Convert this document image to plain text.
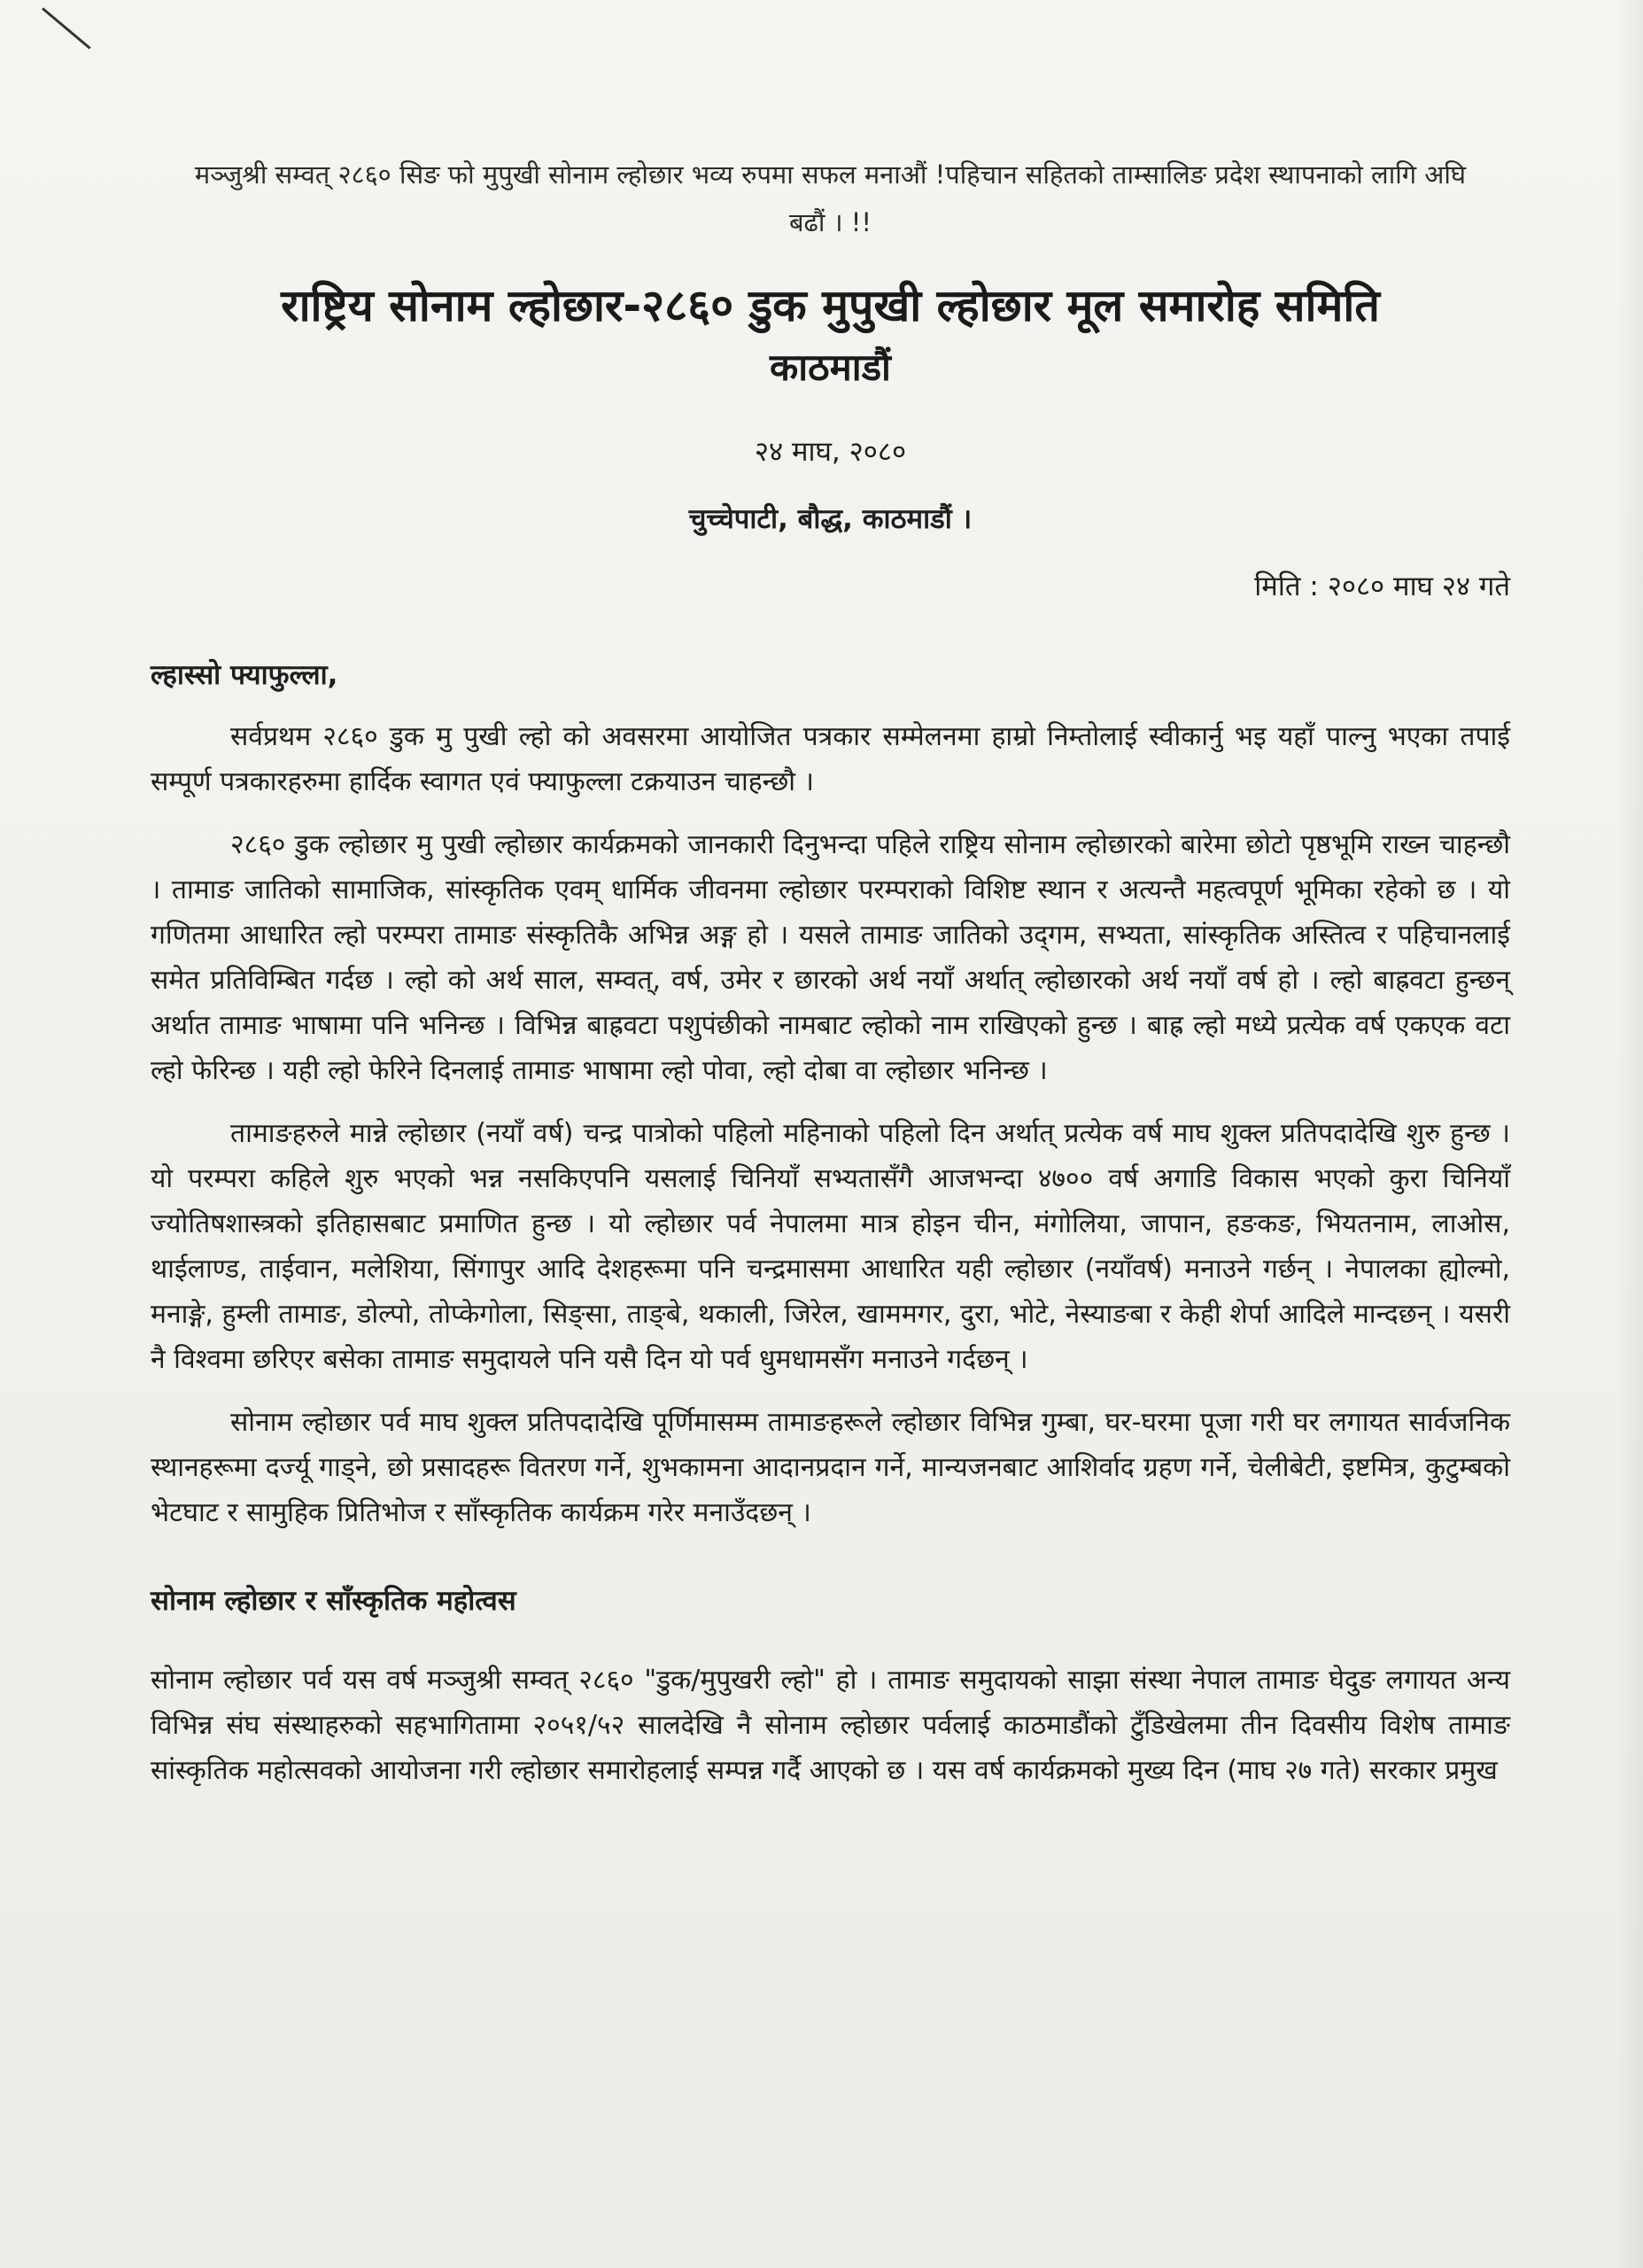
मञ्जुश्री सम्वत् २८६० सिङ फो मुपुखी सोनाम ल्होछार भव्य रुपमा सफल मनाऔं !पहिचान सहितको ताम्सालिङ प्रदेश स्थापनाको लागि अघि बढौं । !!
राष्ट्रिय सोनाम ल्होछार-२८६० डुक मुपुखी ल्होछार मूल समारोह समिति
काठमाडौं
२४ माघ, २०८०
चुच्चेपाटी, बौद्ध, काठमाडौं ।
मिति : २०८० माघ २४ गते
ल्हास्सो फ्याफुल्ला,

सर्वप्रथम २८६० डुक मु पुखी ल्हो को अवसरमा आयोजित पत्रकार सम्मेलनमा हाम्रो निम्तोलाई स्वीकार्नु भइ यहाँ पाल्नु भएका तपाई सम्पूर्ण पत्रकारहरुमा हार्दिक स्वागत एवं फ्याफुल्ला टक्रयाउन चाहन्छौ ।

२८६० डुक ल्होछार मु पुखी ल्होछार कार्यक्रमको जानकारी दिनुभन्दा पहिले राष्ट्रिय सोनाम ल्होछारको बारेमा छोटो पृष्ठभूमि राख्न चाहन्छौ । तामाङ जातिको सामाजिक, सांस्कृतिक एवम् धार्मिक जीवनमा ल्होछार परम्पराको विशिष्ट स्थान र अत्यन्तै महत्वपूर्ण भूमिका रहेको छ । यो गणितमा आधारित ल्हो परम्परा तामाङ संस्कृतिकै अभिन्न अङ्ग हो । यसले तामाङ जातिको उद्‌गम, सभ्यता, सांस्कृतिक अस्तित्व र पहिचानलाई समेत प्रतिविम्बित गर्दछ । ल्हो को अर्थ साल, सम्वत्, वर्ष, उमेर र छारको अर्थ नयाँ अर्थात् ल्होछारको अर्थ नयाँ वर्ष हो । ल्हो बाह्रवटा हुन्छन् अर्थात तामाङ भाषामा पनि भनिन्छ । विभिन्न बाह्रवटा पशुपंछीको नामबाट ल्होको नाम राखिएको हुन्छ । बाह्र ल्हो मध्ये प्रत्येक वर्ष एकएक वटा ल्हो फेरिन्छ । यही ल्हो फेरिने दिनलाई तामाङ भाषामा ल्हो पोवा, ल्हो दोबा वा ल्होछार भनिन्छ ।

तामाङहरुले मान्ने ल्होछार (नयाँ वर्ष) चन्द्र पात्रोको पहिलो महिनाको पहिलो दिन अर्थात् प्रत्येक वर्ष माघ शुक्ल प्रतिपदादेखि शुरु हुन्छ । यो परम्परा कहिले शुरु भएको भन्न नसकिएपनि यसलाई चिनियाँ सभ्यतासँगै आजभन्दा ४७०० वर्ष अगाडि विकास भएको कुरा चिनियाँ ज्योतिषशास्त्रको इतिहासबाट प्रमाणित हुन्छ । यो ल्होछार पर्व नेपालमा मात्र होइन चीन, मंगोलिया, जापान, हङकङ, भियतनाम, लाओस, थाईलाण्ड, ताईवान, मलेशिया, सिंगापुर आदि देशहरूमा पनि चन्द्रमासमा आधारित यही ल्होछार (नयाँवर्ष) मनाउने गर्छन् । नेपालका ह्योल्मो, मनाङ्गे, हुम्ली तामाङ, डोल्पो, तोप्केगोला, सिङ्सा, ताङ्बे, थकाली, जिरेल, खाममगर, दुरा, भोटे, नेस्याङबा र केही शेर्पा आदिले मान्दछन् । यसरी नै विश्वमा छरिएर बसेका तामाङ समुदायले पनि यसै दिन यो पर्व धुमधामसँग मनाउने गर्दछन् ।

सोनाम ल्होछार पर्व माघ शुक्ल प्रतिपदादेखि पूर्णिमासम्म तामाङहरूले ल्होछार विभिन्न गुम्बा, घर-घरमा पूजा गरी घर लगायत सार्वजनिक स्थानहरूमा दर्ज्यू गाड्ने, छो प्रसादहरू वितरण गर्ने, शुभकामना आदानप्रदान गर्ने, मान्यजनबाट आशिर्वाद ग्रहण गर्ने, चेलीबेटी, इष्टमित्र, कुटुम्बको भेटघाट र सामुहिक प्रितिभोज र साँस्कृतिक कार्यक्रम गरेर मनाउँदछन् ।

सोनाम ल्होछार र साँस्कृतिक महोत्वस

सोनाम ल्होछार पर्व यस वर्ष मञ्जुश्री सम्वत् २८६० "डुक/मुपुखरी ल्हो" हो । तामाङ समुदायको साझा संस्था नेपाल तामाङ घेदुङ लगायत अन्य विभिन्न संघ संस्थाहरुको सहभागितामा २०५१/५२ सालदेखि नै सोनाम ल्होछार पर्वलाई काठमाडौंको टुँडिखेलमा तीन दिवसीय विशेष तामाङ सांस्कृतिक महोत्सवको आयोजना गरी ल्होछार समारोहलाई सम्पन्न गर्दै आएको छ । यस वर्ष कार्यक्रमको मुख्य दिन (माघ २७ गते) सरकार प्रमुख
